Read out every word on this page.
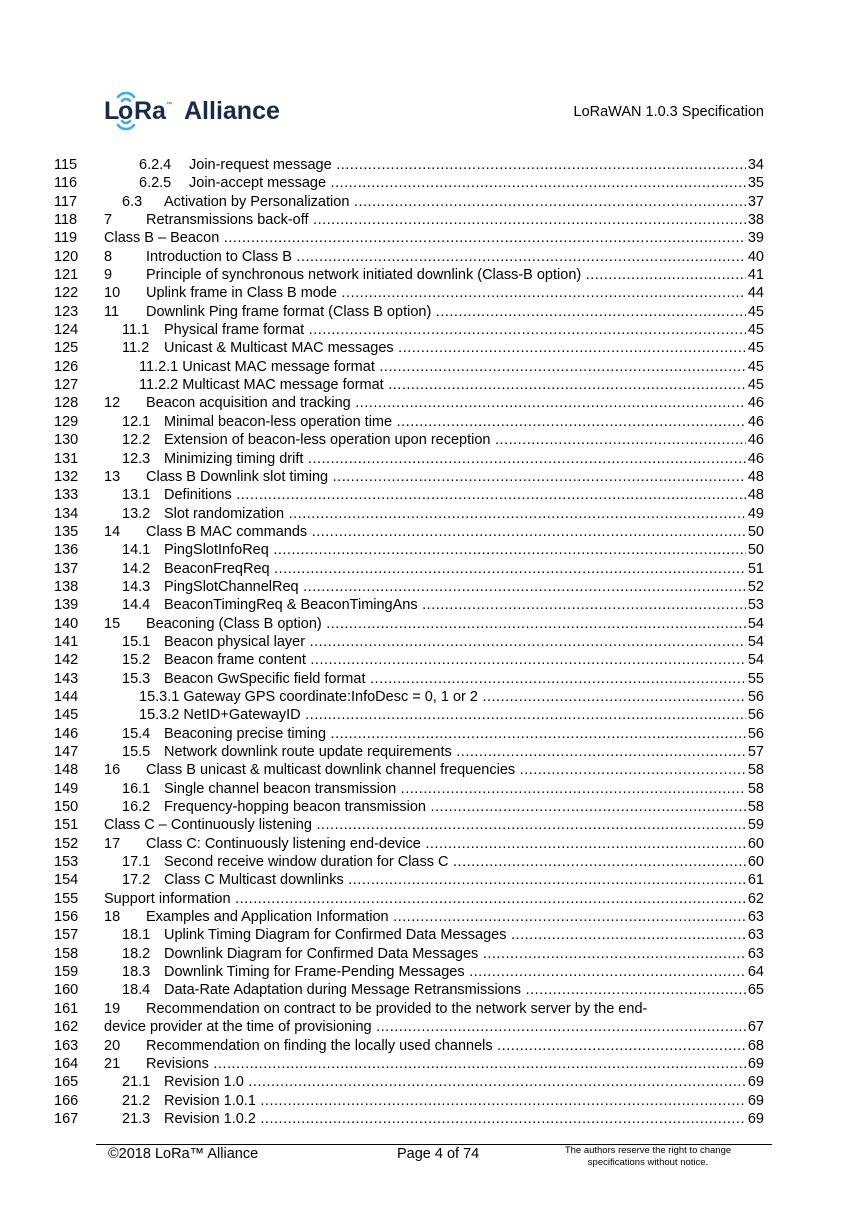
L
o Ra ™ Alliance	LoRaWAN 1.0.3 Specification
115	6.2.4 Join-request message .....	34
116	6.2.5 Join-accept message .....	35
117	6.3 Activation by Personalization .....	37
118	7 Retransmissions back-off .....	38
119	Class B – Beacon .....	39
120	8 Introduction to Class B .....	40
121	9 Principle of synchronous network initiated downlink (Class-B option) .....	41
122	10 Uplink frame in Class B mode .....	44
123	11 Downlink Ping frame format (Class B option) .....	45
124	11.1 Physical frame format .....	45
125	11.2 Unicast & Multicast MAC messages .....	45
126	11.2.1 Unicast MAC message format .....	45
127	11.2.2 Multicast MAC message format .....	45
128	12 Beacon acquisition and tracking .....	46
129	12.1 Minimal beacon-less operation time .....	46
130	12.2 Extension of beacon-less operation upon reception .....	46
131	12.3 Minimizing timing drift .....	46
132	13 Class B Downlink slot timing .....	48
133	13.1 Definitions .....	48
134	13.2 Slot randomization .....	49
135	14 Class B MAC commands .....	50
136	14.1 PingSlotInfoReq .....	50
137	14.2 BeaconFreqReq .....	51
138	14.3 PingSlotChannelReq .....	52
139	14.4 BeaconTimingReq & BeaconTimingAns .....	53
140	15 Beaconing (Class B option) .....	54
141	15.1 Beacon physical layer .....	54
142	15.2 Beacon frame content .....	54
143	15.3 Beacon GwSpecific field format .....	55
144	15.3.1 Gateway GPS coordinate:InfoDesc = 0, 1 or 2 .....	56
145	15.3.2 NetID+GatewayID .....	56
146	15.4 Beaconing precise timing .....	56
147	15.5 Network downlink route update requirements .....	57
148	16 Class B unicast & multicast downlink channel frequencies .....	58
149	16.1 Single channel beacon transmission .....	58
150	16.2 Frequency-hopping beacon transmission .....	58
151	Class C – Continuously listening .....	59
152	17 Class C: Continuously listening end-device .....	60
153	17.1 Second receive window duration for Class C .....	60
154	17.2 Class C Multicast downlinks .....	61
155	Support information .....	62
156	18 Examples and Application Information .....	63
157	18.1 Uplink Timing Diagram for Confirmed Data Messages .....	63
158	18.2 Downlink Diagram for Confirmed Data Messages .....	63
159	18.3 Downlink Timing for Frame-Pending Messages .....	64
160	18.4 Data-Rate Adaptation during Message Retransmissions .....	65
161	19 Recommendation on contract to be provided to the network server by the end-
162	device provider at the time of provisioning .....	67
163	20 Recommendation on finding the locally used channels .....	68
164	21 Revisions .....	69
165	21.1 Revision 1.0 .....	69
166	21.2 Revision 1.0.1 .....	69
167	21.3 Revision 1.0.2 .....	69
©2018 LoRa™ Alliance	Page 4 of 74	The authors reserve the right to change
specifications without notice.
